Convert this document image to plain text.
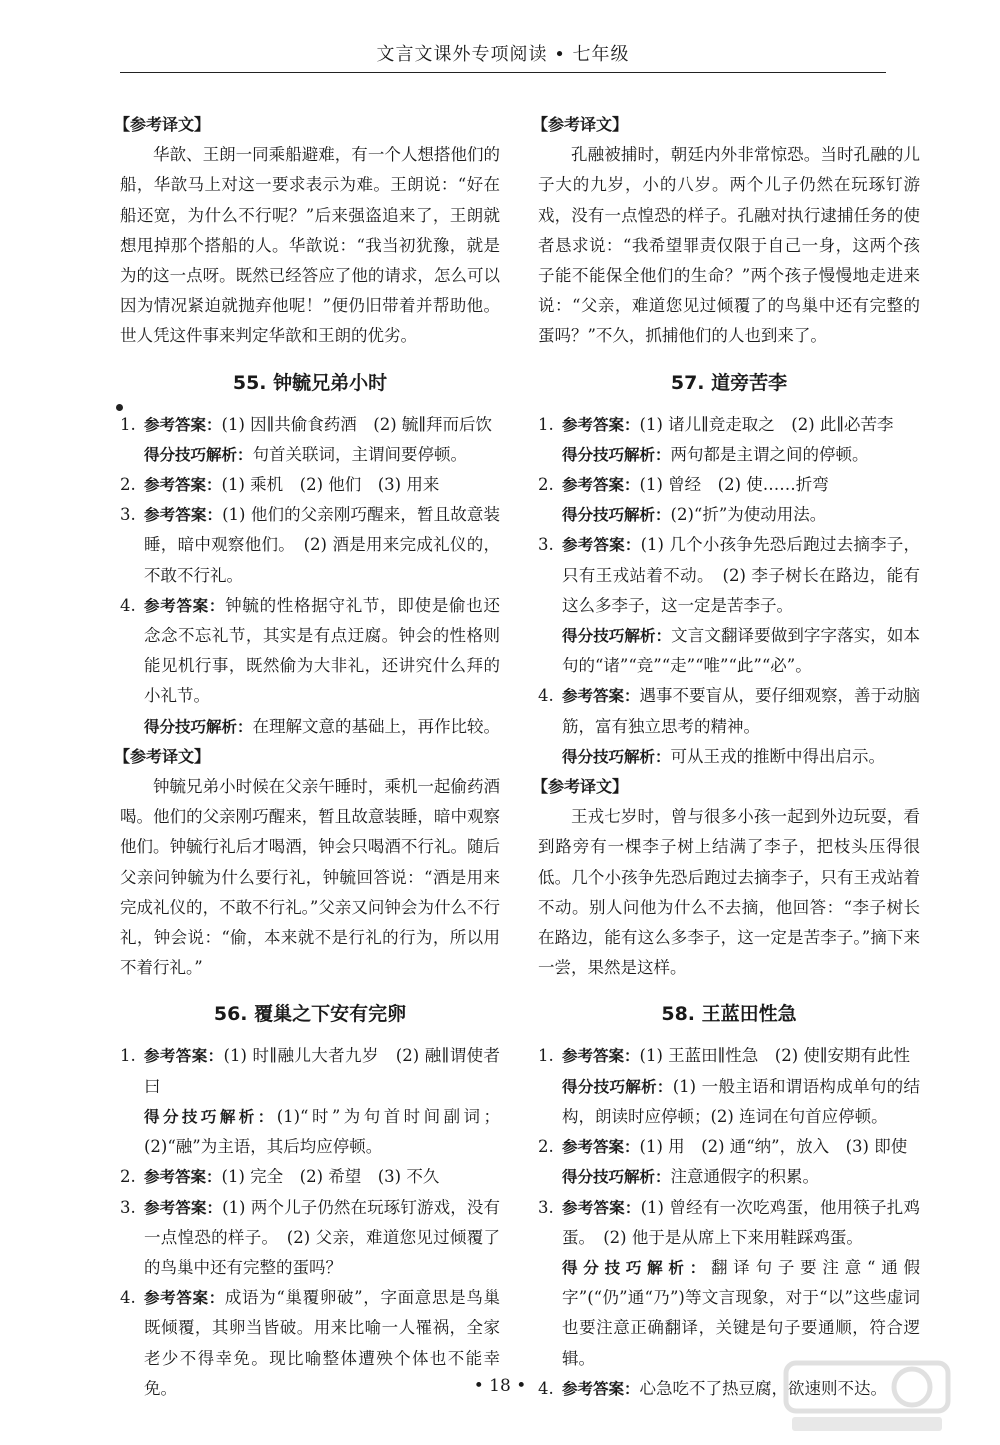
文言文课外专项阅读 • 七年级
【参考译文】
华歆、王朗一同乘船避难，有一个人想搭他们的船，华歆马上对这一要求表示为难。王朗说：“好在船还宽，为什么不行呢？”后来强盗追来了，王朗就想甩掉那个搭船的人。华歆说：“我当初犹豫，就是为的这一点呀。既然已经答应了他的请求，怎么可以因为情况紧迫就抛弃他呢！”便仍旧带着并帮助他。世人凭这件事来判定华歆和王朗的优劣。
55. 钟毓兄弟小时
1. 参考答案：(1) 因∥共偷食药酒　(2) 毓∥拜而后饮
得分技巧解析：句首关联词，主谓间要停顿。
2. 参考答案：(1) 乘机　(2) 他们　(3) 用来
3. 参考答案：(1) 他们的父亲刚巧醒来，暂且故意装睡，暗中观察他们。　(2) 酒是用来完成礼仪的，不敢不行礼。
4. 参考答案：钟毓的性格据守礼节，即使是偷也还念念不忘礼节，其实是有点迂腐。钟会的性格则能见机行事，既然偷为大非礼，还讲究什么拜的小礼节。
得分技巧解析：在理解文意的基础上，再作比较。
【参考译文】
钟毓兄弟小时候在父亲午睡时，乘机一起偷药酒喝。他们的父亲刚巧醒来，暂且故意装睡，暗中观察他们。钟毓行礼后才喝酒，钟会只喝酒不行礼。随后父亲问钟毓为什么要行礼，钟毓回答说：“酒是用来完成礼仪的，不敢不行礼。”父亲又问钟会为什么不行礼，钟会说：“偷，本来就不是行礼的行为，所以用不着行礼。”
56. 覆巢之下安有完卵
1. 参考答案：(1) 时∥融儿大者九岁　(2) 融∥谓使者曰
得分技巧解析：(1)“时”为句首时间副词；(2)“融”为主语，其后均应停顿。
2. 参考答案：(1) 完全　(2) 希望　(3) 不久
3. 参考答案：(1) 两个儿子仍然在玩琢钉游戏，没有一点惶恐的样子。　(2) 父亲，难道您见过倾覆了的鸟巢中还有完整的蛋吗？
4. 参考答案：成语为“巢覆卵破”，字面意思是鸟巢既倾覆，其卵当皆破。用来比喻一人罹祸，全家老少不得幸免。现比喻整体遭殃个体也不能幸免。
【参考译文】
孔融被捕时，朝廷内外非常惊恐。当时孔融的儿子大的九岁，小的八岁。两个儿子仍然在玩琢钉游戏，没有一点惶恐的样子。孔融对执行逮捕任务的使者恳求说：“我希望罪责仅限于自己一身，这两个孩子能不能保全他们的生命？”两个孩子慢慢地走进来说：“父亲，难道您见过倾覆了的鸟巢中还有完整的蛋吗？”不久，抓捕他们的人也到来了。
57. 道旁苦李
1. 参考答案：(1) 诸儿∥竞走取之　(2) 此∥必苦李
得分技巧解析：两句都是主谓之间的停顿。
2. 参考答案：(1) 曾经　(2) 使……折弯
得分技巧解析：(2)“折”为使动用法。
3. 参考答案：(1) 几个小孩争先恐后跑过去摘李子，只有王戎站着不动。　(2) 李子树长在路边，能有这么多李子，这一定是苦李子。
得分技巧解析：文言文翻译要做到字字落实，如本句的“诸”“竞”“走”“唯”“此”“必”。
4. 参考答案：遇事不要盲从，要仔细观察，善于动脑筋，富有独立思考的精神。
得分技巧解析：可从王戎的推断中得出启示。
【参考译文】
王戎七岁时，曾与很多小孩一起到外边玩耍，看到路旁有一棵李子树上结满了李子，把枝头压得很低。几个小孩争先恐后跑过去摘李子，只有王戎站着不动。别人问他为什么不去摘，他回答：“李子树长在路边，能有这么多李子，这一定是苦李子。”摘下来一尝，果然是这样。
58. 王蓝田性急
1. 参考答案：(1) 王蓝田∥性急　(2) 使∥安期有此性
得分技巧解析：(1) 一般主语和谓语构成单句的结构，朗读时应停顿；(2) 连词在句首应停顿。
2. 参考答案：(1) 用　(2) 通“纳”，放入　(3) 即使
得分技巧解析：注意通假字的积累。
3. 参考答案：(1) 曾经有一次吃鸡蛋，他用筷子扎鸡蛋。　(2) 他于是从席上下来用鞋踩鸡蛋。
得分技巧解析：翻译句子要注意“通假字”(“仍”通“乃”)等文言现象，对于“以”这些虚词也要注意正确翻译，关键是句子要通顺，符合逻辑。
4. 参考答案：心急吃不了热豆腐，欲速则不达。
• 18 •
